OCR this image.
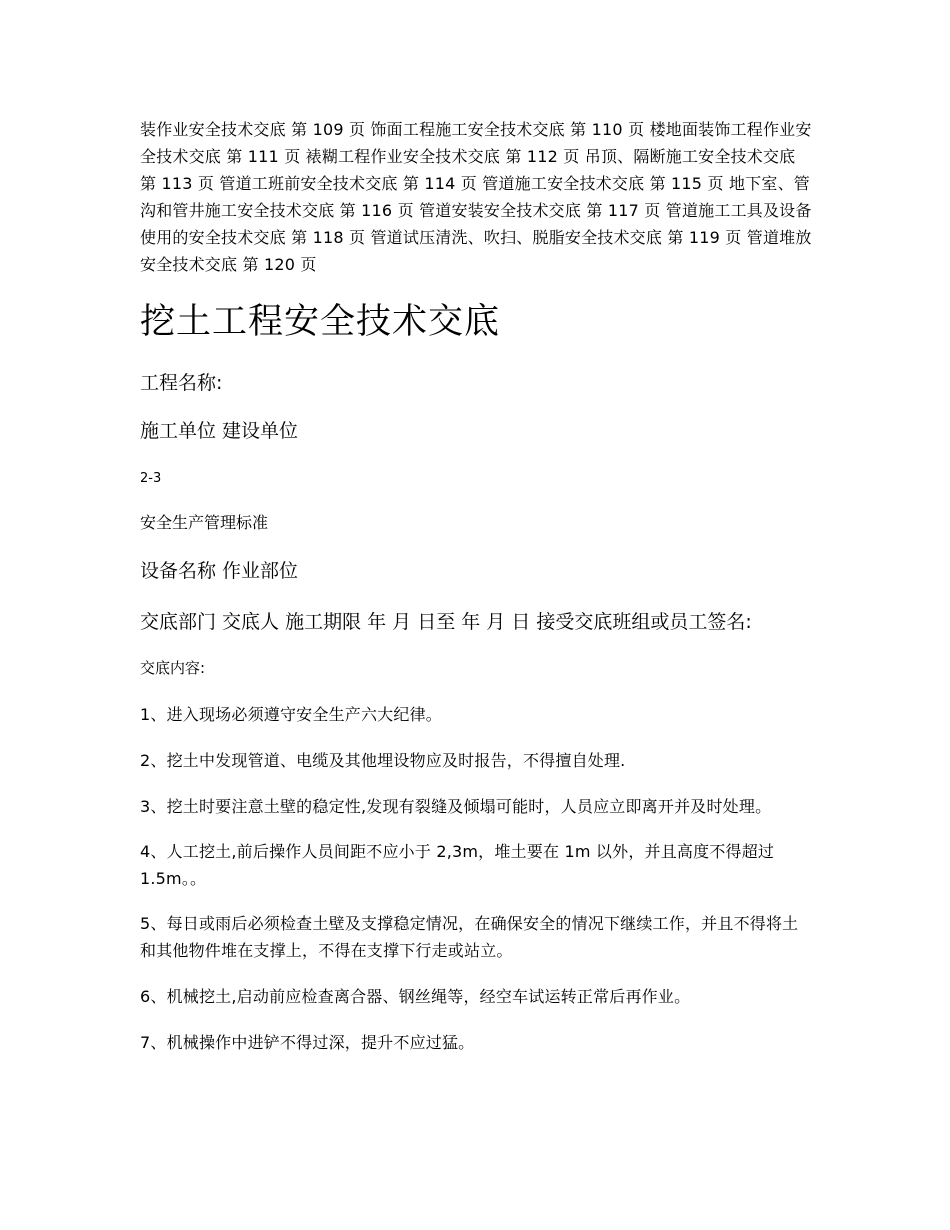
装作业安全技术交底 第 109 页 饰面工程施工安全技术交底 第 110 页 楼地面装饰工程作业安全技术交底 第 111 页 裱糊工程作业安全技术交底 第 112 页 吊顶、隔断施工安全技术交底 第 113 页 管道工班前安全技术交底 第 114 页 管道施工安全技术交底 第 115 页 地下室、管沟和管井施工安全技术交底 第 116 页 管道安装安全技术交底 第 117 页 管道施工工具及设备使用的安全技术交底 第 118 页 管道试压清洗、吹扫、脱脂安全技术交底 第 119 页 管道堆放安全技术交底 第 120 页

挖土工程安全技术交底

工程名称:

施工单位 建设单位

2-3

安全生产管理标准

设备名称 作业部位

交底部门 交底人 施工期限 年 月 日至 年 月 日 接受交底班组或员工签名:

交底内容:

1、进入现场必须遵守安全生产六大纪律。

2、挖土中发现管道、电缆及其他埋设物应及时报告，不得擅自处理.

3、挖土时要注意土壁的稳定性,发现有裂缝及倾塌可能时，人员应立即离开并及时处理。

4、人工挖土,前后操作人员间距不应小于 2,3m，堆土要在 1m 以外，并且高度不得超过 1.5m。。

5、每日或雨后必须检查土壁及支撑稳定情况，在确保安全的情况下继续工作，并且不得将土和其他物件堆在支撑上，不得在支撑下行走或站立。

6、机械挖土,启动前应检查离合器、钢丝绳等，经空车试运转正常后再作业。

7、机械操作中进铲不得过深，提升不应过猛。
